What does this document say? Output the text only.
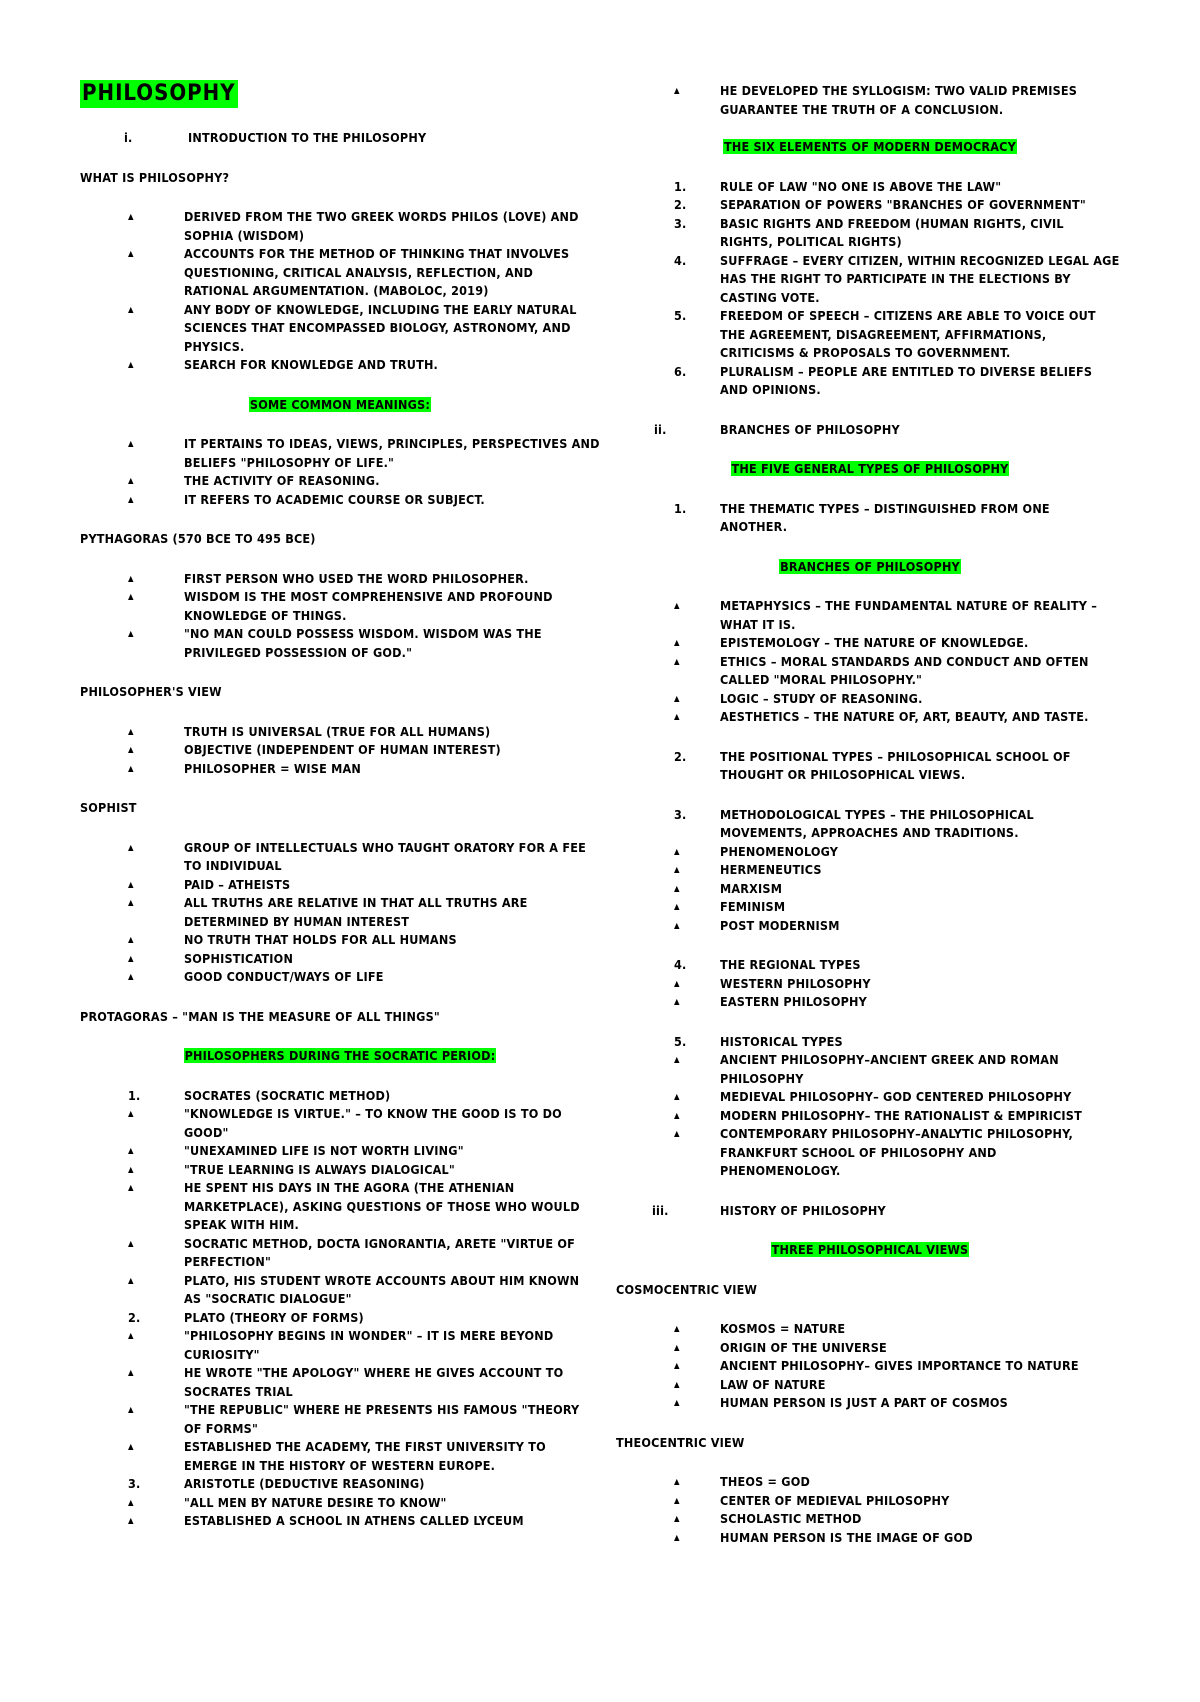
PHILOSOPHY
i.	INTRODUCTION TO THE PHILOSOPHY

WHAT IS PHILOSOPHY?

▲ DERIVED FROM THE TWO GREEK WORDS PHILOS (LOVE) AND SOPHIA (WISDOM)
▲ ACCOUNTS FOR THE METHOD OF THINKING THAT INVOLVES QUESTIONING, CRITICAL ANALYSIS, REFLECTION, AND RATIONAL ARGUMENTATION. (MABOLOC, 2019)
▲ ANY BODY OF KNOWLEDGE, INCLUDING THE EARLY NATURAL SCIENCES THAT ENCOMPASSED BIOLOGY, ASTRONOMY, AND PHYSICS.
▲ SEARCH FOR KNOWLEDGE AND TRUTH.

SOME COMMON MEANINGS:

▲ IT PERTAINS TO IDEAS, VIEWS, PRINCIPLES, PERSPECTIVES AND BELIEFS "PHILOSOPHY OF LIFE."
▲ THE ACTIVITY OF REASONING.
▲ IT REFERS TO ACADEMIC COURSE OR SUBJECT.

PYTHAGORAS (570 BCE TO 495 BCE)

▲ FIRST PERSON WHO USED THE WORD PHILOSOPHER.
▲ WISDOM IS THE MOST COMPREHENSIVE AND PROFOUND KNOWLEDGE OF THINGS.
▲ "NO MAN COULD POSSESS WISDOM. WISDOM WAS THE PRIVILEGED POSSESSION OF GOD."

PHILOSOPHER'S VIEW

▲ TRUTH IS UNIVERSAL (TRUE FOR ALL HUMANS)
▲ OBJECTIVE (INDEPENDENT OF HUMAN INTEREST)
▲ PHILOSOPHER = WISE MAN

SOPHIST

▲ GROUP OF INTELLECTUALS WHO TAUGHT ORATORY FOR A FEE TO INDIVIDUAL
▲ PAID – ATHEISTS
▲ ALL TRUTHS ARE RELATIVE IN THAT ALL TRUTHS ARE DETERMINED BY HUMAN INTEREST
▲ NO TRUTH THAT HOLDS FOR ALL HUMANS
▲ SOPHISTICATION
▲ GOOD CONDUCT/WAYS OF LIFE

PROTAGORAS – "MAN IS THE MEASURE OF ALL THINGS"

PHILOSOPHERS DURING THE SOCRATIC PERIOD:

1.	SOCRATES (SOCRATIC METHOD)
▲	"KNOWLEDGE IS VIRTUE." – TO KNOW THE GOOD IS TO DO GOOD"
▲	"UNEXAMINED LIFE IS NOT WORTH LIVING"
▲	"TRUE LEARNING IS ALWAYS DIALOGICAL"
▲	HE SPENT HIS DAYS IN THE AGORA (THE ATHENIAN MARKETPLACE), ASKING QUESTIONS OF THOSE WHO WOULD SPEAK WITH HIM.
▲	SOCRATIC METHOD, DOCTA IGNORANTIA, ARETE "VIRTUE OF PERFECTION"
▲	PLATO, HIS STUDENT WROTE ACCOUNTS ABOUT HIM KNOWN AS "SOCRATIC DIALOGUE"
2.	PLATO (THEORY OF FORMS)
▲	"PHILOSOPHY BEGINS IN WONDER" – IT IS MERE BEYOND CURIOSITY"
▲	HE WROTE "THE APOLOGY" WHERE HE GIVES ACCOUNT TO SOCRATES TRIAL
▲	"THE REPUBLIC" WHERE HE PRESENTS HIS FAMOUS "THEORY OF FORMS"
▲	ESTABLISHED THE ACADEMY, THE FIRST UNIVERSITY TO EMERGE IN THE HISTORY OF WESTERN EUROPE.
3.	ARISTOTLE (DEDUCTIVE REASONING)
▲	"ALL MEN BY NATURE DESIRE TO KNOW"
▲	ESTABLISHED A SCHOOL IN ATHENS CALLED LYCEUM
▲ HE DEVELOPED THE SYLLOGISM: TWO VALID PREMISES GUARANTEE THE TRUTH OF A CONCLUSION.

THE SIX ELEMENTS OF MODERN DEMOCRACY

1.	RULE OF LAW "NO ONE IS ABOVE THE LAW"
2.	SEPARATION OF POWERS "BRANCHES OF GOVERNMENT"
3.	BASIC RIGHTS AND FREEDOM (HUMAN RIGHTS, CIVIL RIGHTS, POLITICAL RIGHTS)
4.	SUFFRAGE – EVERY CITIZEN, WITHIN RECOGNIZED LEGAL AGE HAS THE RIGHT TO PARTICIPATE IN THE ELECTIONS BY CASTING VOTE.
5.	FREEDOM OF SPEECH – CITIZENS ARE ABLE TO VOICE OUT THE AGREEMENT, DISAGREEMENT, AFFIRMATIONS, CRITICISMS & PROPOSALS TO GOVERNMENT.
6.	PLURALISM – PEOPLE ARE ENTITLED TO DIVERSE BELIEFS AND OPINIONS.
ii.	BRANCHES OF PHILOSOPHY

THE FIVE GENERAL TYPES OF PHILOSOPHY

1.	THE THEMATIC TYPES – DISTINGUISHED FROM ONE ANOTHER.

BRANCHES OF PHILOSOPHY

▲ METAPHYSICS – THE FUNDAMENTAL NATURE OF REALITY – WHAT IT IS.
▲ EPISTEMOLOGY – THE NATURE OF KNOWLEDGE.
▲ ETHICS – MORAL STANDARDS AND CONDUCT AND OFTEN CALLED "MORAL PHILOSOPHY."
▲ LOGIC – STUDY OF REASONING.
▲ AESTHETICS – THE NATURE OF, ART, BEAUTY, AND TASTE.
2.	THE POSITIONAL TYPES – PHILOSOPHICAL SCHOOL OF THOUGHT OR PHILOSOPHICAL VIEWS.
3.	METHODOLOGICAL TYPES – THE PHILOSOPHICAL MOVEMENTS, APPROACHES AND TRADITIONS.
▲ PHENOMENOLOGY
▲ HERMENEUTICS
▲ MARXISM
▲ FEMINISM
▲ POST MODERNISM
4.	THE REGIONAL TYPES
▲ WESTERN PHILOSOPHY
▲ EASTERN PHILOSOPHY
5.	HISTORICAL TYPES
▲ ANCIENT PHILOSOPHY–ANCIENT GREEK AND ROMAN PHILOSOPHY
▲ MEDIEVAL PHILOSOPHY– GOD CENTERED PHILOSOPHY
▲ MODERN PHILOSOPHY– THE RATIONALIST & EMPIRICIST
▲ CONTEMPORARY PHILOSOPHY–ANALYTIC PHILOSOPHY, FRANKFURT SCHOOL OF PHILOSOPHY AND PHENOMENOLOGY.
iii.	HISTORY OF PHILOSOPHY

THREE PHILOSOPHICAL VIEWS

COSMOCENTRIC VIEW

▲ KOSMOS = NATURE
▲ ORIGIN OF THE UNIVERSE
▲ ANCIENT PHILOSOPHY– GIVES IMPORTANCE TO NATURE
▲ LAW OF NATURE
▲ HUMAN PERSON IS JUST A PART OF COSMOS

THEOCENTRIC VIEW

▲ THEOS = GOD
▲ CENTER OF MEDIEVAL PHILOSOPHY
▲ SCHOLASTIC METHOD
▲ HUMAN PERSON IS THE IMAGE OF GOD
